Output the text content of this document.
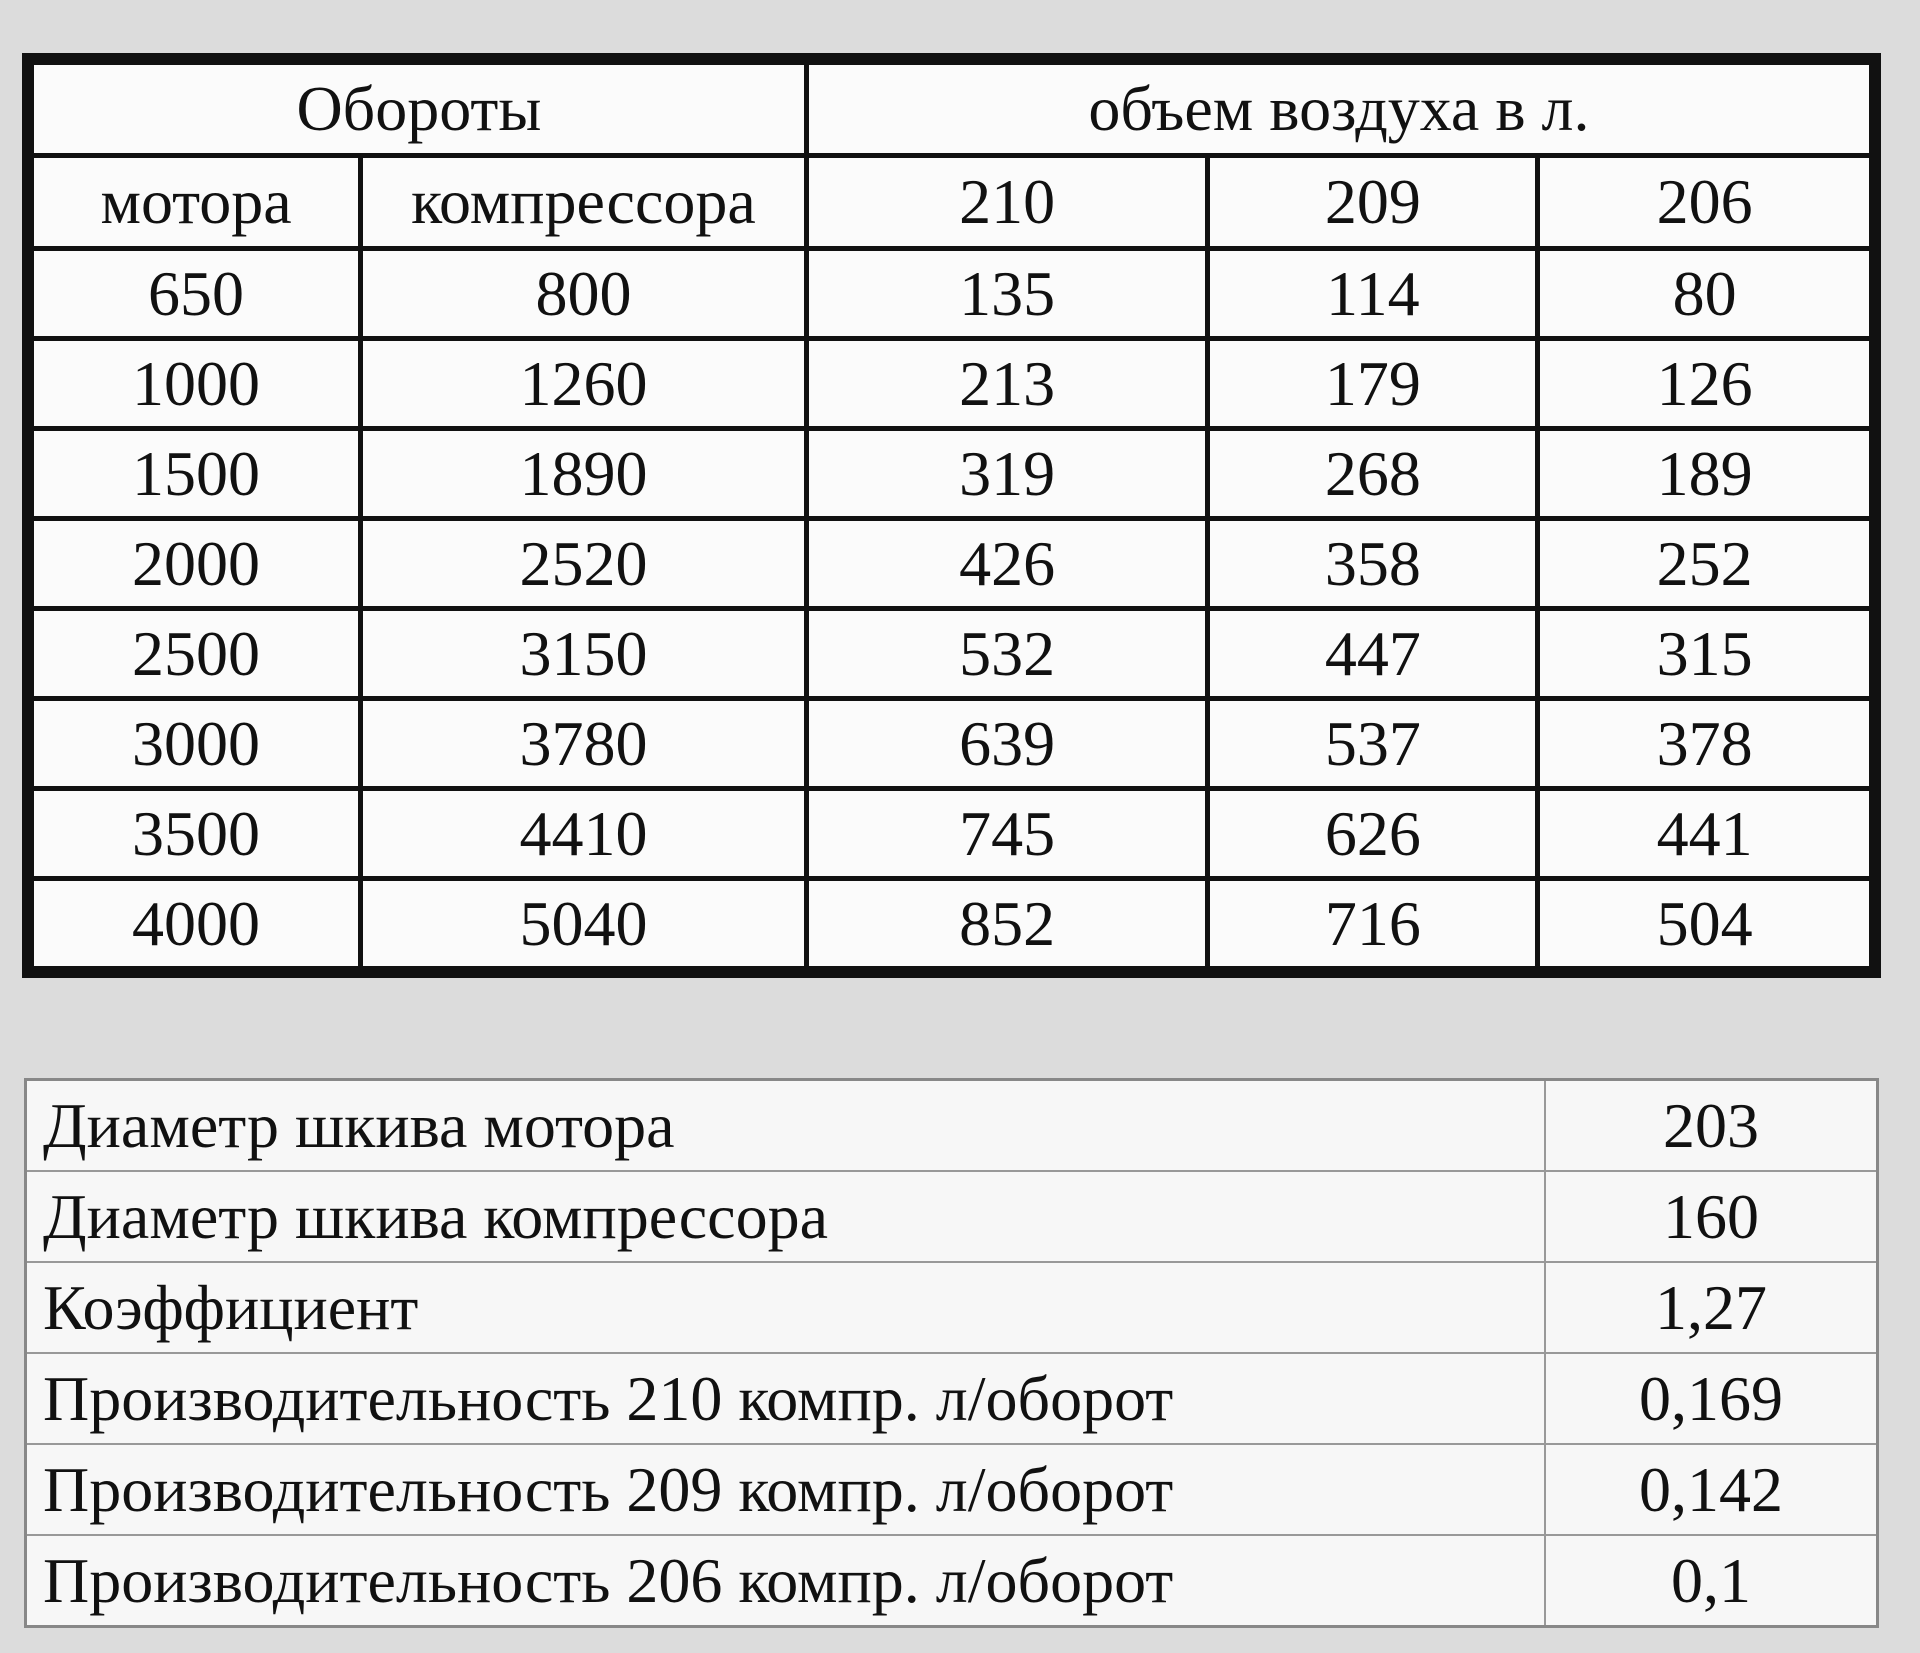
Обороты		объем воздуха в л.		
мотора	компрессора	210	209	206
650	800	135	114	80
1000	1260	213	179	126
1500	1890	319	268	189
2000	2520	426	358	252
2500	3150	532	447	315
3000	3780	639	537	378
3500	4410	745	626	441
4000	5040	852	716	504
Диаметр шкива мотора	203
Диаметр шкива компрессора	160
Коэффициент	1,27
Производительность 210 компр. л/оборот	0,169
Производительность 209 компр. л/оборот	0,142
Производительность 206 компр. л/оборот	0,1
